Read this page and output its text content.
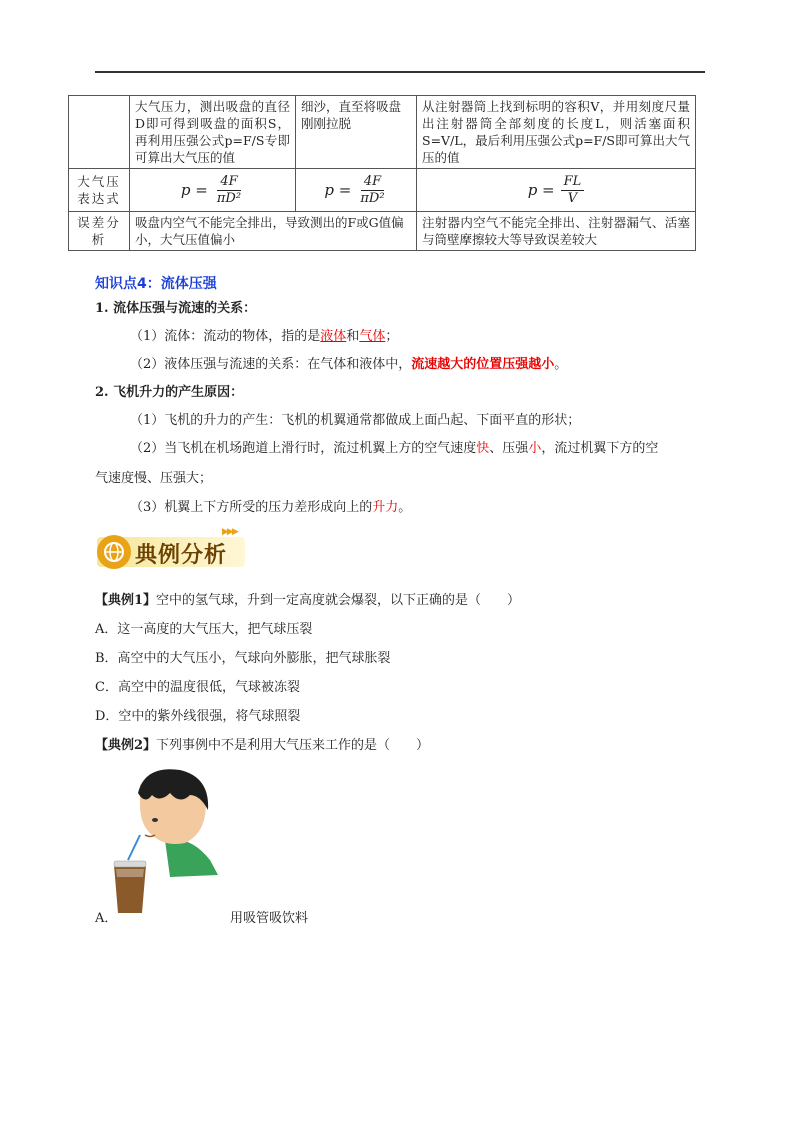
	大气压力，测出吸盘的直径D即可得到吸盘的面积S，再利用压强公式p=F/S专即可算出大气压的值	细沙，直至将吸盘刚刚拉脱	从注射器筒上找到标明的容积V，并用刻度尺量出注射器筒全部刻度的长度L，则活塞面积S=V/L，最后利用压强公式p=F/S即可算出大气压的值
大气压表达式	$p = \frac{4F}{\text{πD²}}$	$p = \frac{4F}{\text{πD²}}$	$p = \frac{FL}{V}$

误差分析	吸盘内空气不能完全排出，导致测出的F或G值偏小，大气压值偏小		注射器内空气不能完全排出、注射器漏气、活塞与筒壁摩擦较大等导致误差较大
知识点4：流体压强
1. 流体压强与流速的关系：
（1）流体：流动的物体，指的是液体和气体；
（2）液体压强与流速的关系：在气体和液体中，流速越大的位置压强越小。
2. 飞机升力的产生原因：
（1）飞机的升力的产生：飞机的机翼通常都做成上面凸起、下面平直的形状；
（2）当飞机在机场跑道上滑行时，流过机翼上方的空气速度快、压强小，流过机翼下方的空
气速度慢、压强大；
（3）机翼上下方所受的压力差形成向上的升力。
典例分析
▶▶▶
【典例1】空中的氢气球，升到一定高度就会爆裂，以下正确的是（　　）
A．这一高度的大气压大，把气球压裂
B．高空中的大气压小，气球向外膨胀，把气球胀裂
C．高空中的温度很低，气球被冻裂
D．空中的紫外线很强，将气球照裂
【典例2】下列事例中不是利用大气压来工作的是（　　）
A．	用吸管吸饮料
